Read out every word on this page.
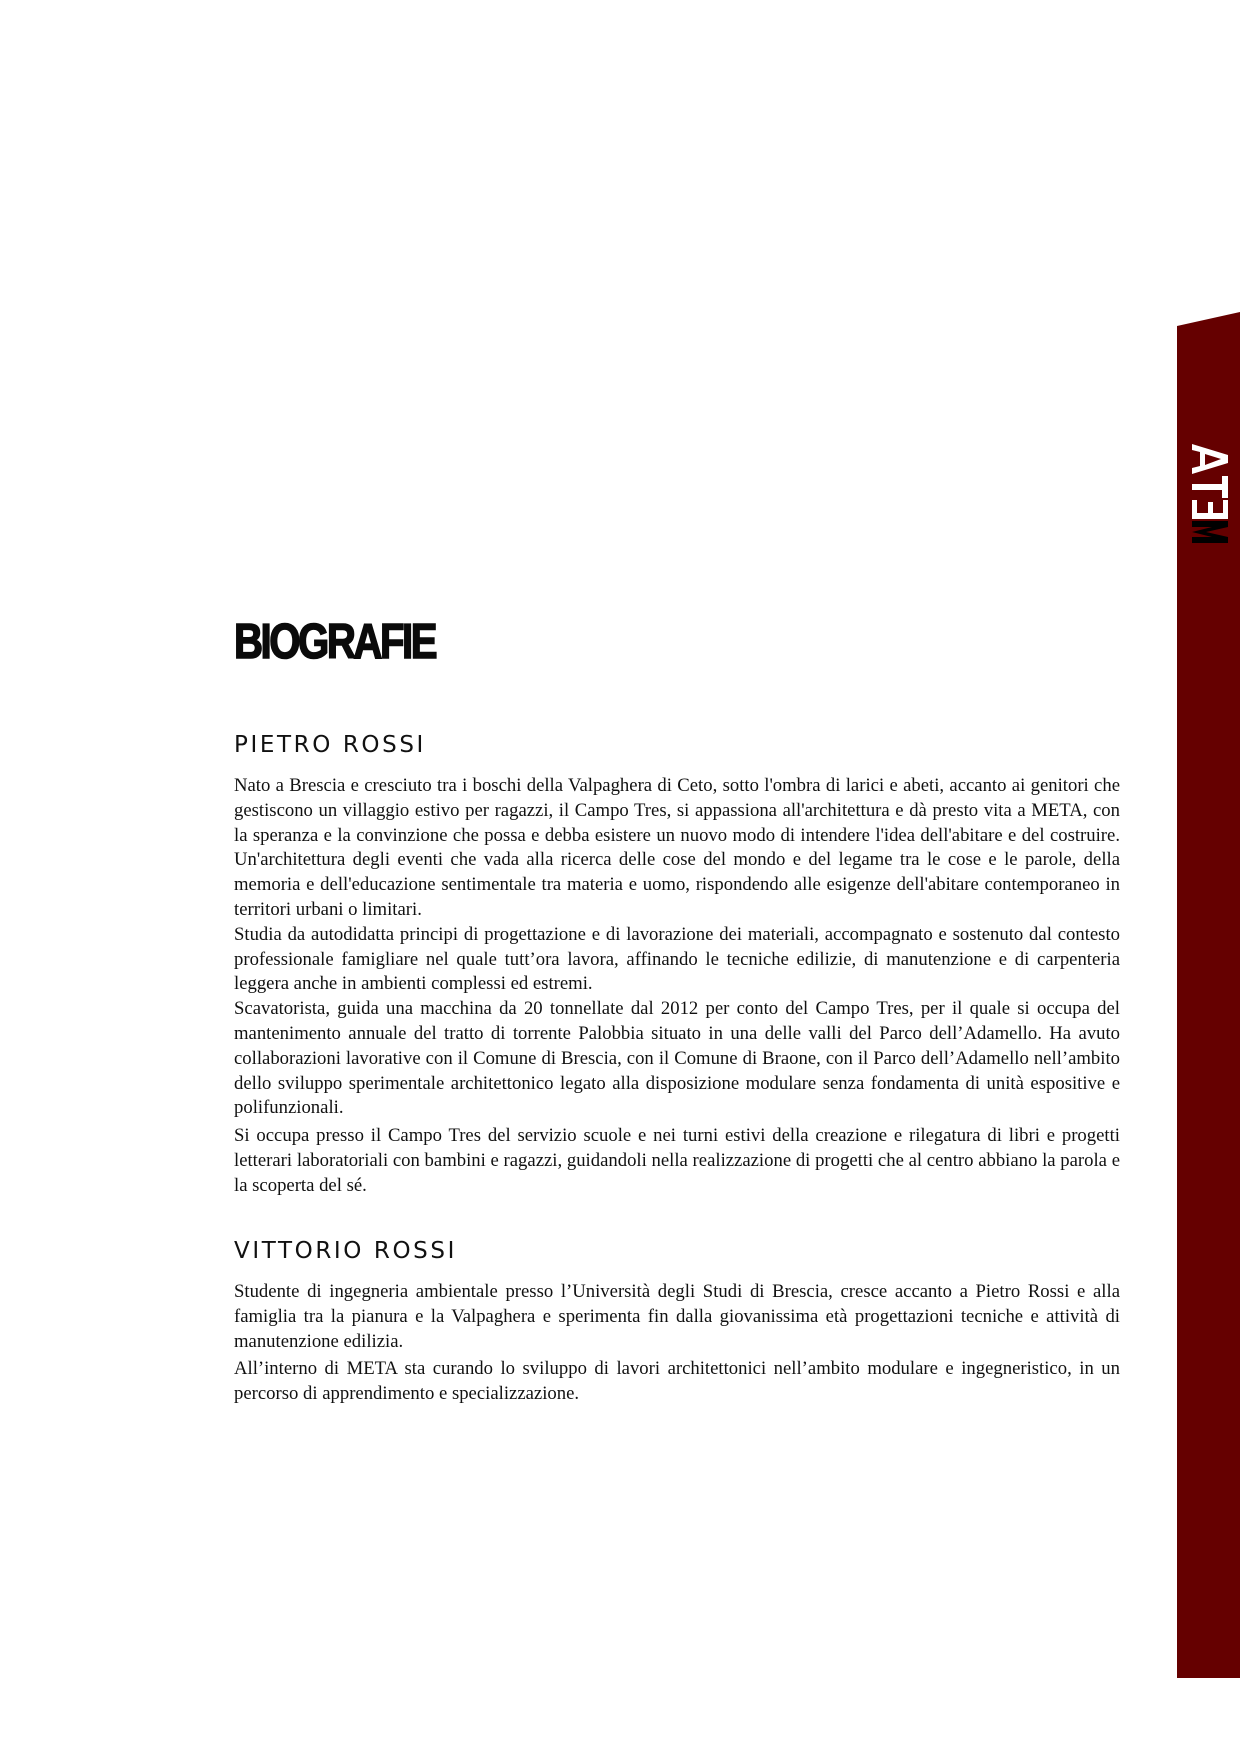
BIOGRAFIE
PIETRO ROSSI

Nato a Brescia e cresciuto tra i boschi della Valpaghera di Ceto, sotto l'ombra di larici e abeti, accanto ai genitori che gestiscono un villaggio estivo per ragazzi, il Campo Tres, si appassiona all'architettura e dà presto vita a META, con la speranza e la convinzione che possa e debba esistere un nuovo modo di intendere l'idea dell'abitare e del costruire. Un'architettura degli eventi che vada alla ricerca delle cose del mondo e del legame tra le cose e le parole, della memoria e dell'educazione sentimentale tra materia e uomo, rispondendo alle esigenze dell'abitare contemporaneo in territori urbani o limitari.

Studia da autodidatta principi di progettazione e di lavorazione dei materiali, accompagnato e sostenuto dal contesto professionale famigliare nel quale tutt’ora lavora, affinando le tecniche edilizie, di manutenzione e di carpenteria leggera anche in ambienti complessi ed estremi.

Scavatorista, guida una macchina da 20 tonnellate dal 2012 per conto del Campo Tres, per il quale si occupa del mantenimento annuale del tratto di torrente Palobbia situato in una delle valli del Parco dell’Adamello. Ha avuto collaborazioni lavorative con il Comune di Brescia, con il Comune di Braone, con il Parco dell’Adamello nell’ambito dello sviluppo sperimentale architettonico legato alla disposizione modulare senza fondamenta di unità espositive e polifunzionali.

Si occupa presso il Campo Tres del servizio scuole e nei turni estivi della creazione e rilegatura di libri e progetti letterari laboratoriali con bambini e ragazzi, guidandoli nella realizzazione di progetti che al centro abbiano la parola e la scoperta del sé.

VITTORIO ROSSI

Studente di ingegneria ambientale presso l’Università degli Studi di Brescia, cresce accanto a Pietro Rossi e alla famiglia tra la pianura e la Valpaghera e sperimenta fin dalla giovanissima età progettazioni tecniche e attività di manutenzione edilizia.

All’interno di META sta curando lo sviluppo di lavori architettonici nell’ambito modulare e ingegneristico, in un percorso di apprendimento e specializzazione.
